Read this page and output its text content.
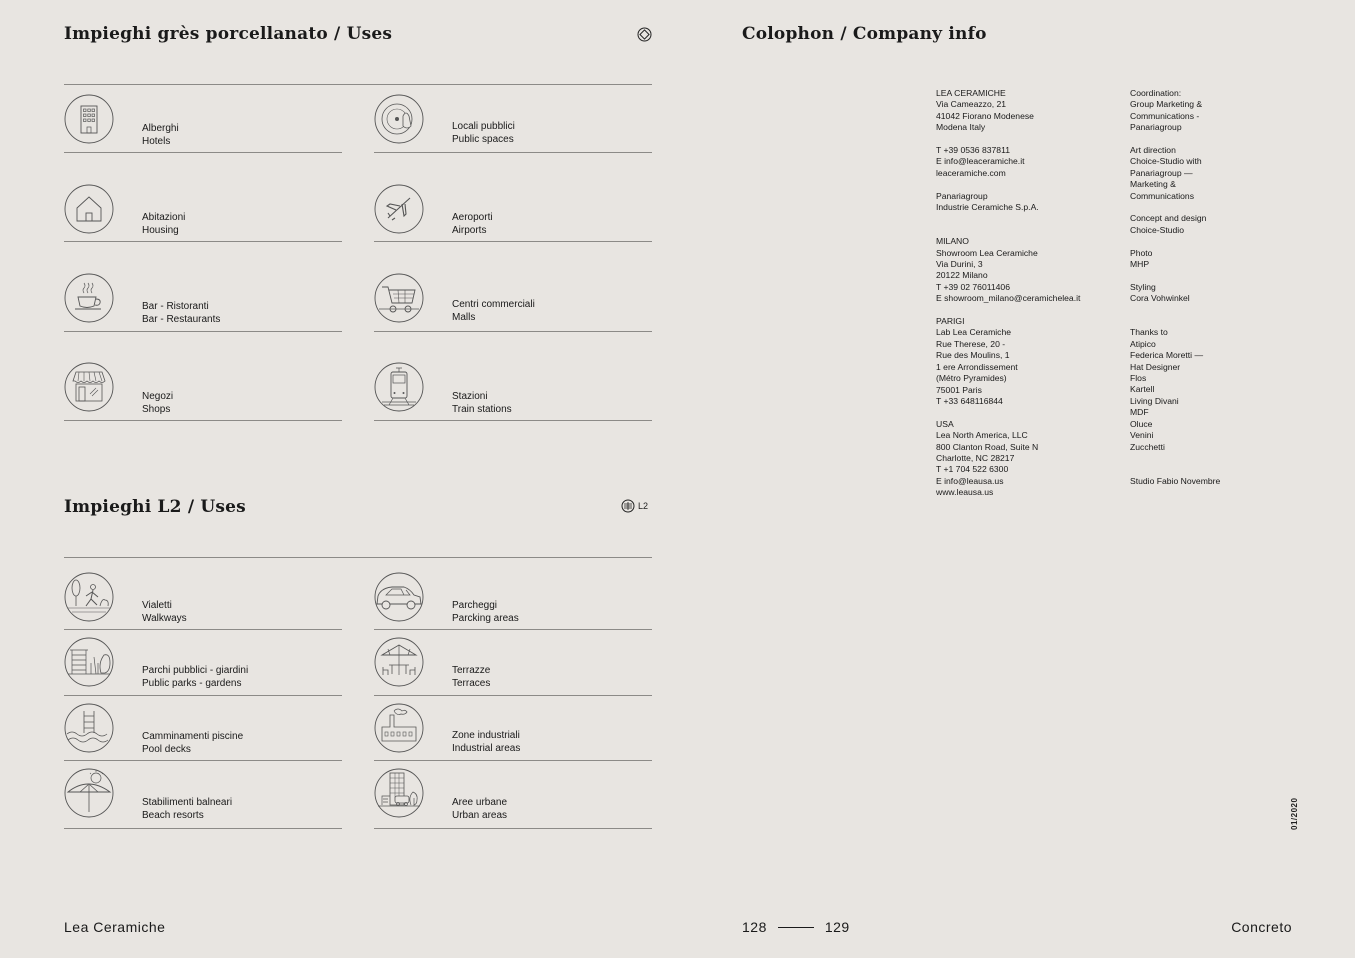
Impieghi grès porcellanato / Uses
Alberghi
Hotels
Locali pubblici
Public spaces
Abitazioni
Housing
Aeroporti
Airports
Bar - Ristoranti
Bar - Restaurants
Centri commerciali
Malls
Negozi
Shops
Stazioni
Train stations
Impieghi L2 / Uses	L2
Vialetti
Walkways
Parcheggi
Parcking areas
Parchi pubblici - giardini
Public parks - gardens
Terrazze
Terraces
Camminamenti piscine
Pool decks
Zone industriali
Industrial areas
Stabilimenti balneari
Beach resorts
Aree urbane
Urban areas
Colophon / Company info

LEA CERAMICHE

Via Cameazzo, 21

41042 Fiorano Modenese

Modena Italy

T +39 0536 837811

E info@leaceramiche.it

leaceramiche.com

Panariagroup

Industrie Ceramiche S.p.A.

MILANO

Showroom Lea Ceramiche

Via Durini, 3

20122 Milano

T +39 02 76011406

E showroom_milano@ceramichelea.it

PARIGI

Lab Lea Ceramiche

Rue Therese, 20 -

Rue des Moulins, 1

1 ere Arrondissement

(Métro Pyramides)

75001 Paris

T +33 648116844

USA

Lea North America, LLC

800 Clanton Road, Suite N

Charlotte, NC 28217

T +1 704 522 6300

E info@leausa.us

www.leausa.us

Coordination:

Group Marketing &

Communications -

Panariagroup

Art direction

Choice-Studio with

Panariagroup —

Marketing &

Communications

Concept and design

Choice-Studio

Photo

MHP

Styling

Cora Vohwinkel

Thanks to

Atipico

Federica Moretti —

Hat Designer

Flos

Kartell

Living Divani

MDF

Oluce

Venini

Zucchetti

Studio Fabio Novembre

01/2020
Lea Ceramiche	128	129	Concreto
